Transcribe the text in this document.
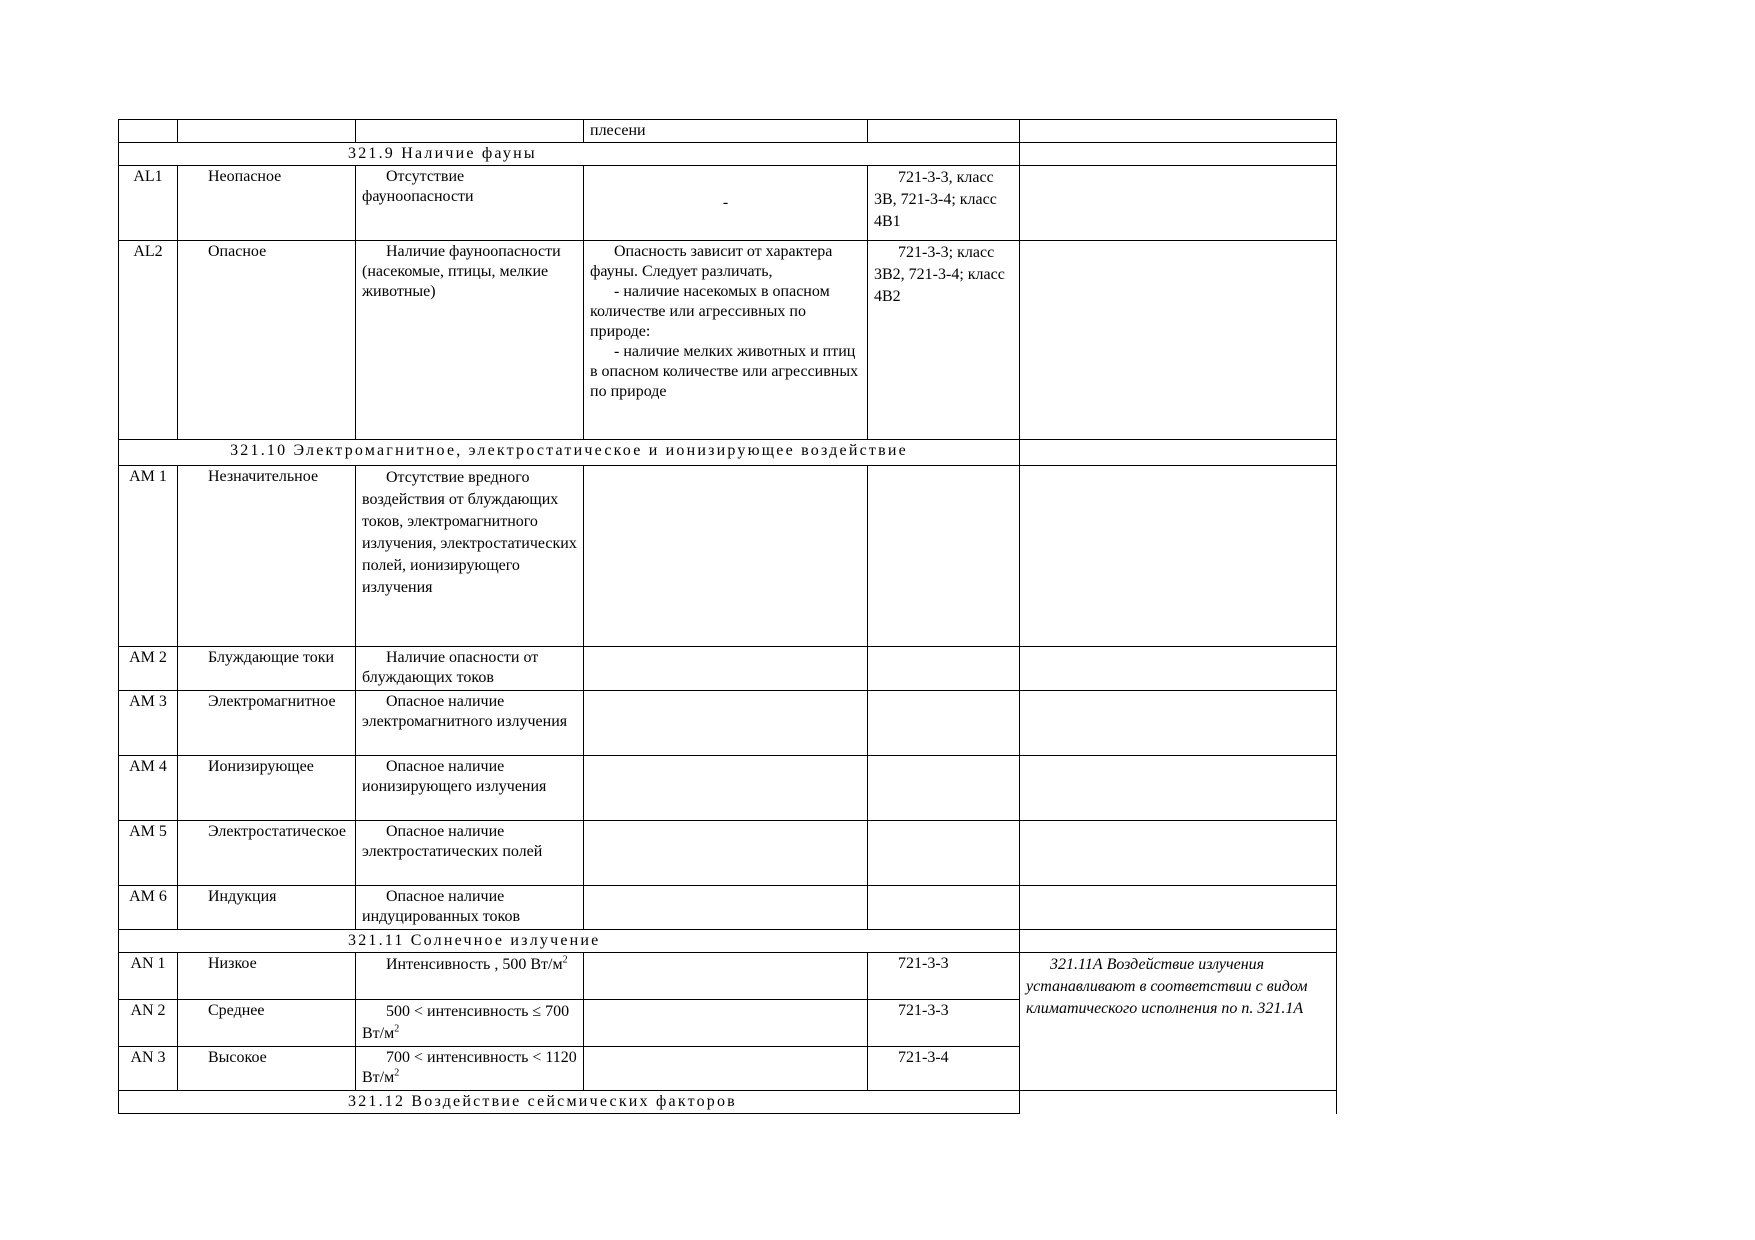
			плесени		
321.9 Наличие фауны					
AL1	Неопасное	Отсутствие фауноопасности	-	721-3-3, класс 3В, 721-3-4; класс 4В1	
AL2	Опасное	Наличие фауноопасности (насекомые, птицы, мелкие животные)	Опасность зависит от характера фауны. Следует различать,
- наличие насекомых в опасном количестве или агрессивных по природе:
- наличие мелких животных и птиц в опасном количестве или агрессивных по природе	721-3-3; класс 3В2, 721-3-4; класс 4В2	
321.10 Электромагнитное, электростатическое и ионизирующее воздействие					
AM 1	Незначительное	Отсутствие вредного воздействия от блуждающих токов, электромагнитного излучения, электростатических полей, ионизирующего излучения			
AM 2	Блуждающие токи	Наличие опасности от блуждающих токов			
AM 3	Электромагнитное	Опасное наличие электромагнитного излучения			
AM 4	Ионизирующее	Опасное наличие ионизирующего излучения			
AM 5	Электростатическое	Опасное наличие электростатических полей			
AM 6	Индукция	Опасное наличие индуцированных токов			
321.11 Солнечное излучение					
AN 1	Низкое	Интенсивность , 500 $Вт/м^2$		721-3-3	321.11А Воздействие излучения устанавливают в соответствии с видом климатического исполнения по п. 321.1А
AN 2	Среднее	500 < интенсивность ≤ 700 $Вт/м^2$		721-3-3	
AN 3	Высокое	700 < интенсивность < 1120 $Вт/м^2$		721-3-4	
321.12 Воздействие сейсмических факторов					
